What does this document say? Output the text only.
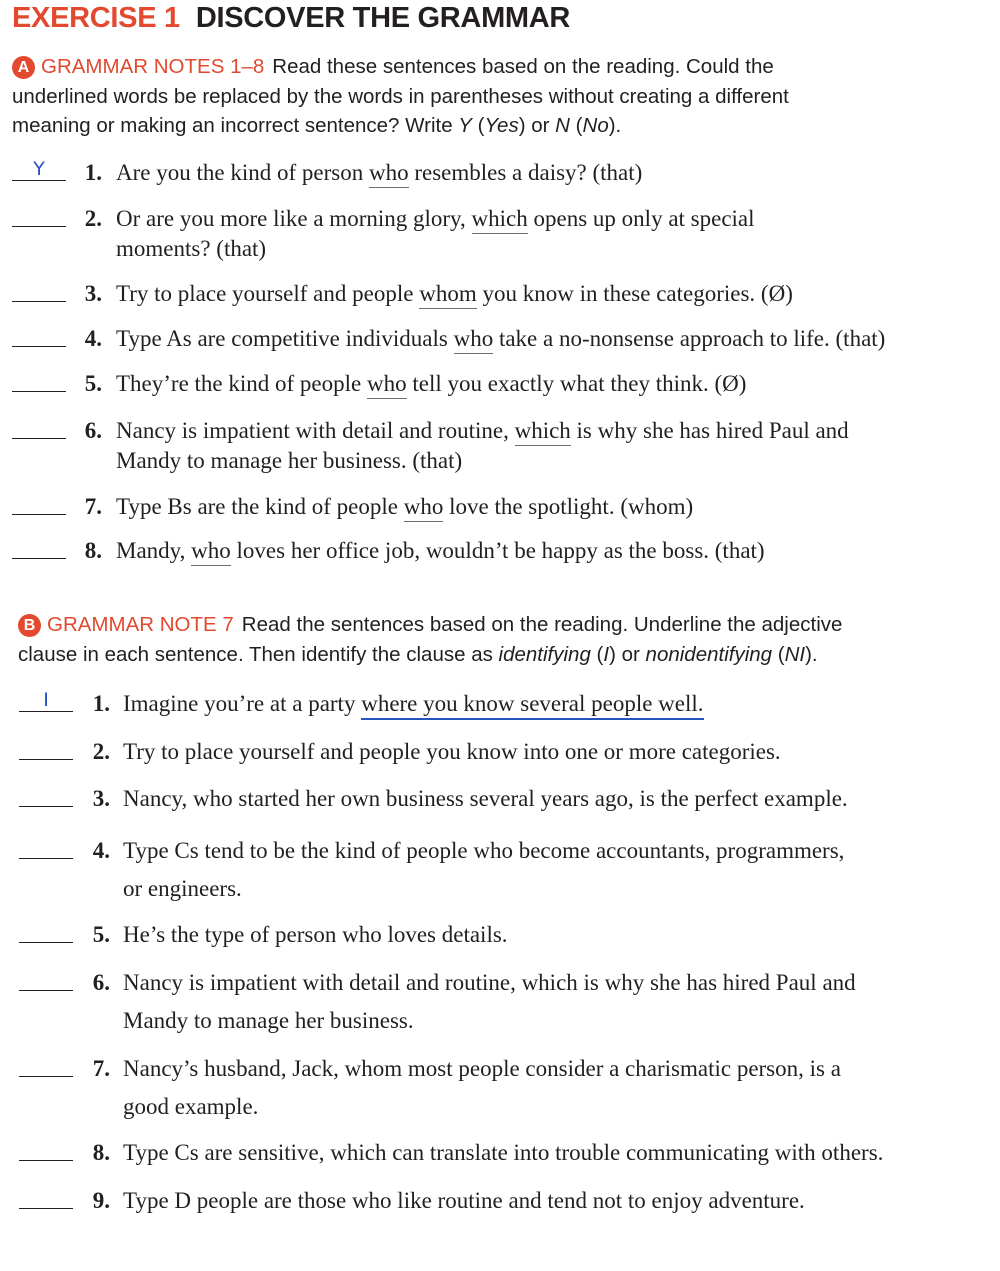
EXERCISE 1 DISCOVER THE GRAMMAR
A GRAMMAR NOTES 1–8 Read these sentences based on the reading. Could the
underlined words be replaced by the words in parentheses without creating a different
meaning or making an incorrect sentence? Write Y (Yes) or N (No).
Y	1. Are you the kind of person who resembles a daisy? (that)
2. Or are you more like a morning glory, which opens up only at special
moments? (that)
3. Try to place yourself and people whom you know in these categories. (Ø)
4. Type As are competitive individuals who take a no-nonsense approach to life. (that)
5. They’re the kind of people who tell you exactly what they think. (Ø)
6. Nancy is impatient with detail and routine, which is why she has hired Paul and
Mandy to manage her business. (that)
7. Type Bs are the kind of people who love the spotlight. (whom)
8. Mandy, who loves her office job, wouldn’t be happy as the boss. (that)
B GRAMMAR NOTE 7 Read the sentences based on the reading. Underline the adjective
clause in each sentence. Then identify the clause as identifying (I) or nonidentifying (NI).
I	1. Imagine you’re at a party where you know several people well.
2. Try to place yourself and people you know into one or more categories.
3. Nancy, who started her own business several years ago, is the perfect example.
4. Type Cs tend to be the kind of people who become accountants, programmers,
or engineers.
5. He’s the type of person who loves details.
6. Nancy is impatient with detail and routine, which is why she has hired Paul and
Mandy to manage her business.
7. Nancy’s husband, Jack, whom most people consider a charismatic person, is a
good example.
8. Type Cs are sensitive, which can translate into trouble communicating with others.
9. Type D people are those who like routine and tend not to enjoy adventure.
